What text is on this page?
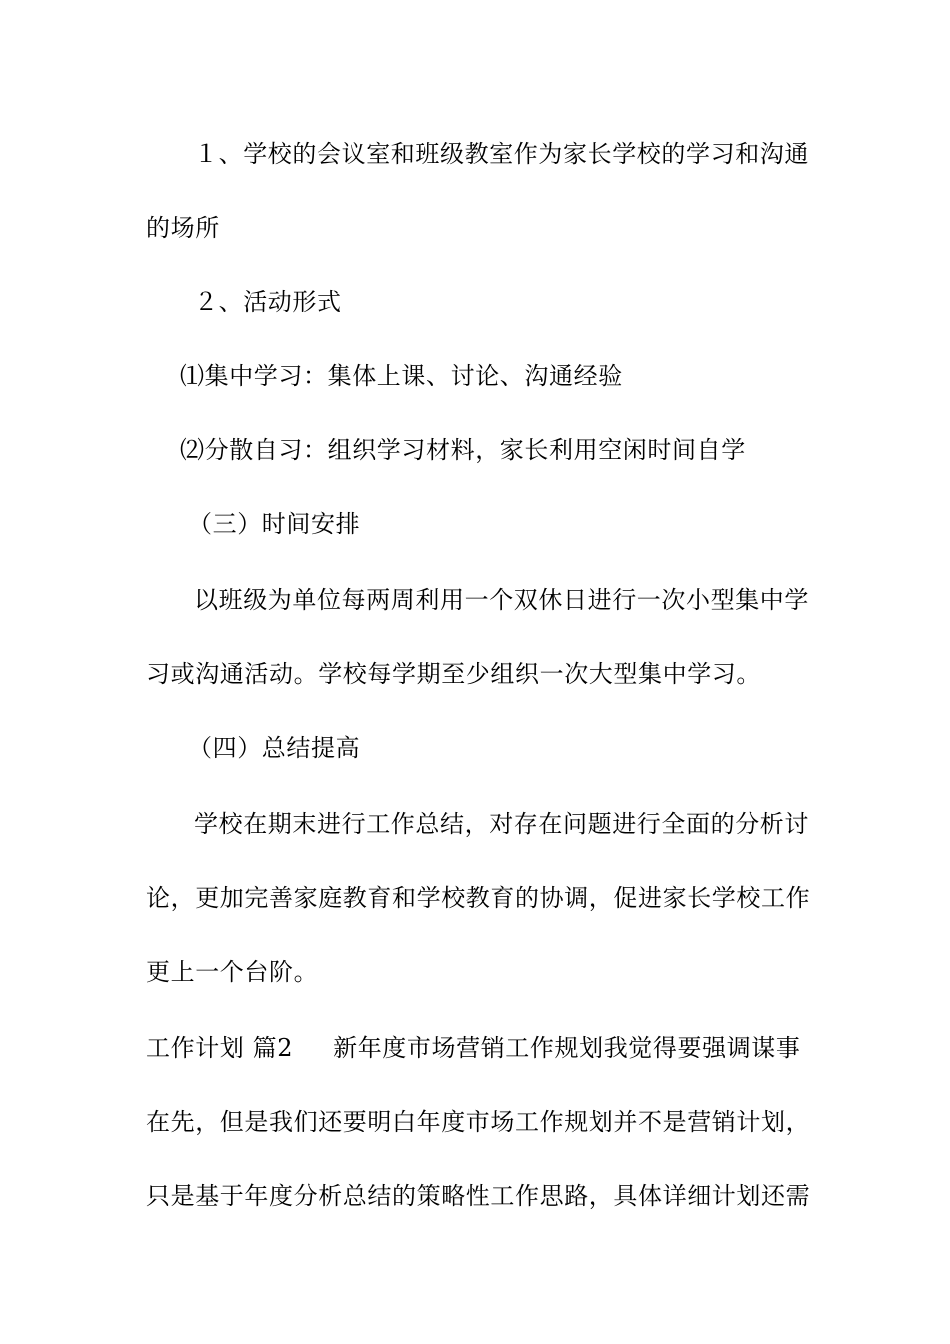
１、学校的会议室和班级教室作为家长学校的学习和沟通
的场所
２、活动形式
⑴集中学习：集体上课、讨论、沟通经验
⑵分散自习：组织学习材料，家长利用空闲时间自学
（三）时间安排
以班级为单位每两周利用一个双休日进行一次小型集中学
习或沟通活动。学校每学期至少组织一次大型集中学习。
（四）总结提高
学校在期末进行工作总结，对存在问题进行全面的分析讨
论，更加完善家庭教育和学校教育的协调，促进家长学校工作
更上一个台阶。
工作计划 篇2 新年度市场营销工作规划我觉得要强调谋事
在先，但是我们还要明白年度市场工作规划并不是营销计划，
只是基于年度分析总结的策略性工作思路，具体详细计划还需
